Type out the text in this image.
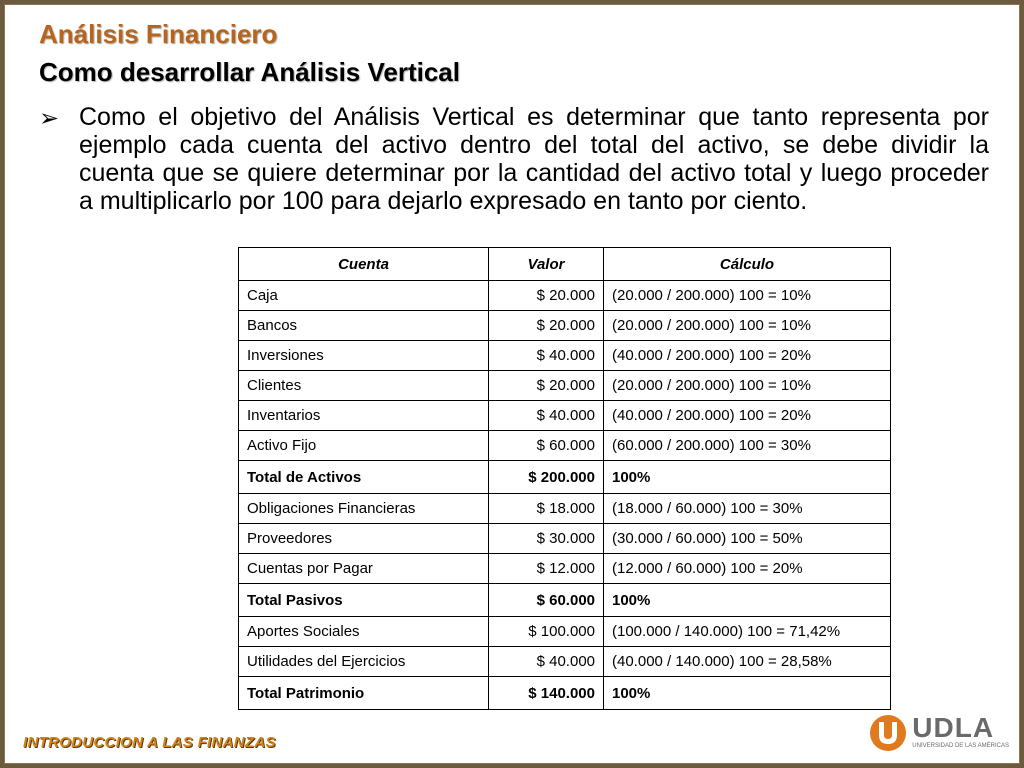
Análisis Financiero
Como desarrollar Análisis Vertical
➢ Como el objetivo del Análisis Vertical es determinar que tanto representa por ejemplo cada cuenta del activo dentro del total del activo, se debe dividir la cuenta que se quiere determinar por la cantidad del activo total y luego proceder a multiplicarlo por 100 para dejarlo expresado en tanto por ciento.
Cuenta	Valor	Cálculo
Caja	$ 20.000	(20.000 / 200.000) 100 = 10%
Bancos	$ 20.000	(20.000 / 200.000) 100 = 10%
Inversiones	$ 40.000	(40.000 / 200.000) 100 = 20%
Clientes	$ 20.000	(20.000 / 200.000) 100 = 10%
Inventarios	$ 40.000	(40.000 / 200.000) 100 = 20%
Activo Fijo	$ 60.000	(60.000 / 200.000) 100 = 30%
Total de Activos	$ 200.000	100%
Obligaciones Financieras	$ 18.000	(18.000 / 60.000) 100 = 30%
Proveedores	$ 30.000	(30.000 / 60.000) 100 = 50%
Cuentas por Pagar	$ 12.000	(12.000 / 60.000) 100 = 20%
Total Pasivos	$ 60.000	100%
Aportes Sociales	$ 100.000	(100.000 / 140.000) 100 = 71,42%
Utilidades del Ejercicios	$ 40.000	(40.000 / 140.000) 100 = 28,58%
Total Patrimonio	$ 140.000	100%
INTRODUCCION A LAS FINANZAS	UDLA
UNIVERSIDAD DE LAS AMÉRICAS
